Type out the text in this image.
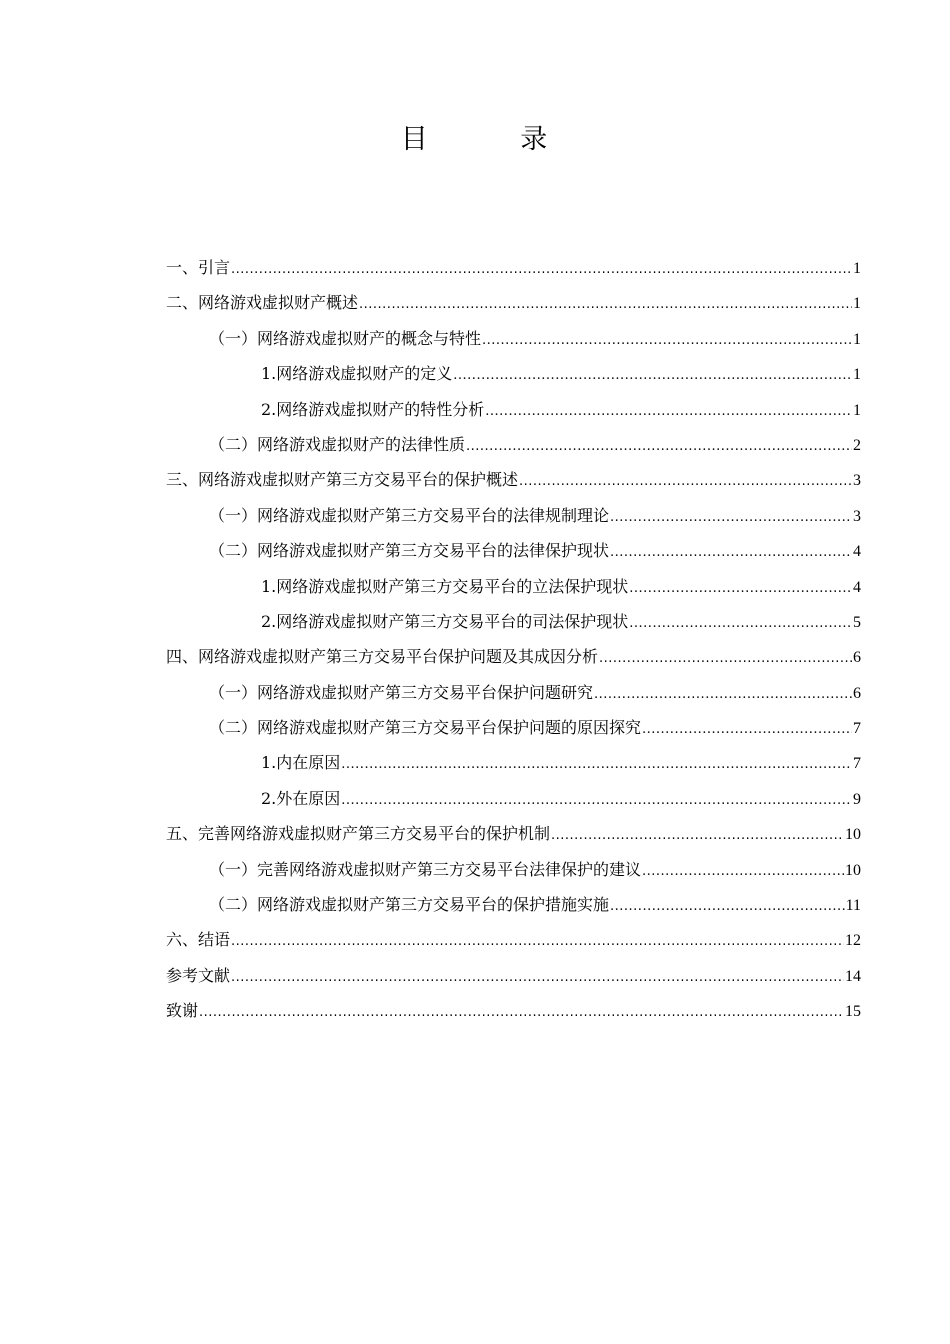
目 录
一、引言 .....	1
二、网络游戏虚拟财产概述 .....	1
（一）网络游戏虚拟财产的概念与特性 .....	1
1.网络游戏虚拟财产的定义 .....	1
2.网络游戏虚拟财产的特性分析 .....	1
（二）网络游戏虚拟财产的法律性质 .....	2
三、网络游戏虚拟财产第三方交易平台的保护概述 .....	3
（一）网络游戏虚拟财产第三方交易平台的法律规制理论 .....	3
（二）网络游戏虚拟财产第三方交易平台的法律保护现状 .....	4
1.网络游戏虚拟财产第三方交易平台的立法保护现状 .....	4
2.网络游戏虚拟财产第三方交易平台的司法保护现状 .....	5
四、网络游戏虚拟财产第三方交易平台保护问题及其成因分析 .....	6
（一）网络游戏虚拟财产第三方交易平台保护问题研究 .....	6
（二）网络游戏虚拟财产第三方交易平台保护问题的原因探究 .....	7
1.内在原因 .....	7
2.外在原因 .....	9
五、完善网络游戏虚拟财产第三方交易平台的保护机制 .....	10
（一）完善网络游戏虚拟财产第三方交易平台法律保护的建议 .....	10
（二）网络游戏虚拟财产第三方交易平台的保护措施实施 .....	11
六、结语 .....	12
参考文献 .....	14
致谢 .....	15
